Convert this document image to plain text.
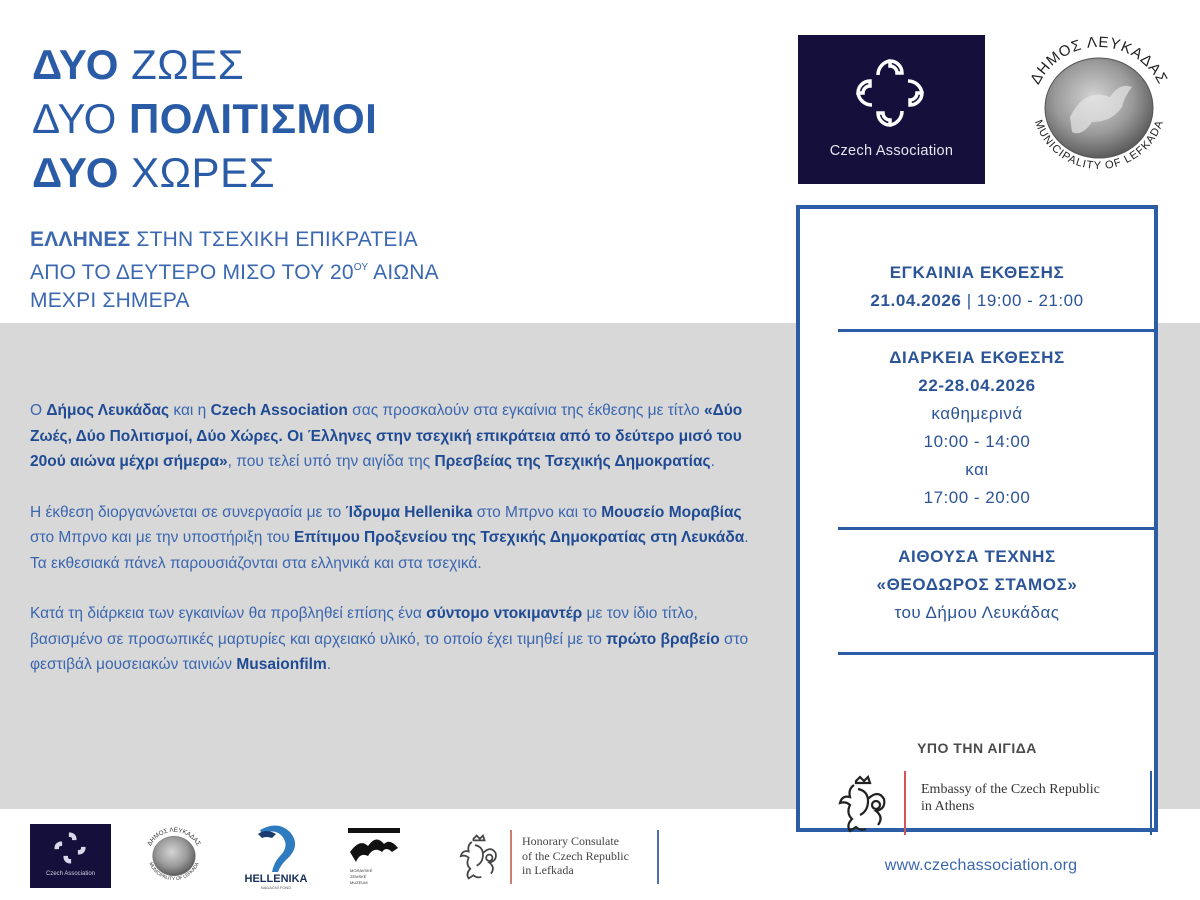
ΔΥΟ ΖΩΕΣ
ΔΥΟ ΠΟΛΙΤΙΣΜΟΙ
ΔΥΟ ΧΩΡΕΣ
ΕΛΛΗΝΕΣ ΣΤΗΝ ΤΣΕΧΙΚΗ ΕΠΙΚΡΑΤΕΙΑ
ΑΠΟ ΤΟ ΔΕΥΤΕΡΟ ΜΙΣΟ ΤΟΥ $20^{O\Upsilon}$ ΑΙΩΝΑ
ΜΕΧΡΙ ΣΗΜΕΡΑ

Ο Δήμος Λευκάδας και η Czech Association σας προσκαλούν στα εγκαίνια της έκθεσης με τίτλο «Δύο Ζωές, Δύο Πολιτισμοί, Δύο Χώρες. Οι Έλληνες στην τσεχική επικράτεια από το δεύτερο μισό του 20ού αιώνα μέχρι σήμερα», που τελεί υπό την αιγίδα της Πρεσβείας της Τσεχικής Δημοκρατίας.

Η έκθεση διοργανώνεται σε συνεργασία με το Ίδρυμα Hellenika στο Μπρνο και το Μουσείο Μοραβίας στο Μπρνο και με την υποστήριξη του Επίτιμου Προξενείου της Τσεχικής Δημοκρατίας στη Λευκάδα. Τα εκθεσιακά πάνελ παρουσιάζονται στα ελληνικά και στα τσεχικά.

Κατά τη διάρκεια των εγκαινίων θα προβληθεί επίσης ένα σύντομο ντοκιμαντέρ με τον ίδιο τίτλο, βασισμένο σε προσωπικές μαρτυρίες και αρχειακό υλικό, το οποίο έχει τιμηθεί με το πρώτο βραβείο στο φεστιβάλ μουσειακών ταινιών Musaionfilm.

Czech Association
ΔΗΜΟΣ ΛΕΥΚΑΔΑΣ
MUNICIPALITY OF LEFKADA
ΕΓΚΑΙΝΙΑ ΕΚΘΕΣΗΣ
21.04.2026 | 19:00 - 21:00
ΔΙΑΡΚΕΙΑ ΕΚΘΕΣΗΣ
22-28.04.2026
καθημερινά
10:00 - 14:00
και
17:00 - 20:00
ΑΙΘΟΥΣΑ ΤΕΧΝΗΣ
«ΘΕΟΔΩΡΟΣ ΣΤΑΜΟΣ»
του Δήμου Λευκάδας
ΥΠΟ ΤΗΝ ΑΙΓΙΔΑ
Embassy of the Czech Republic
in Athens
www.czechassociation.org
Czech Association
ΔΗΜΟΣ ΛΕΥΚΑΔΑΣ
MUNICIPALITY OF LEFKADA
HELLENIKA
NADAČNÍ FOND
MORAVSKÉ
ZEMSKÉ
MUZEUM
Honorary Consulate
of the Czech Republic
in Lefkada
